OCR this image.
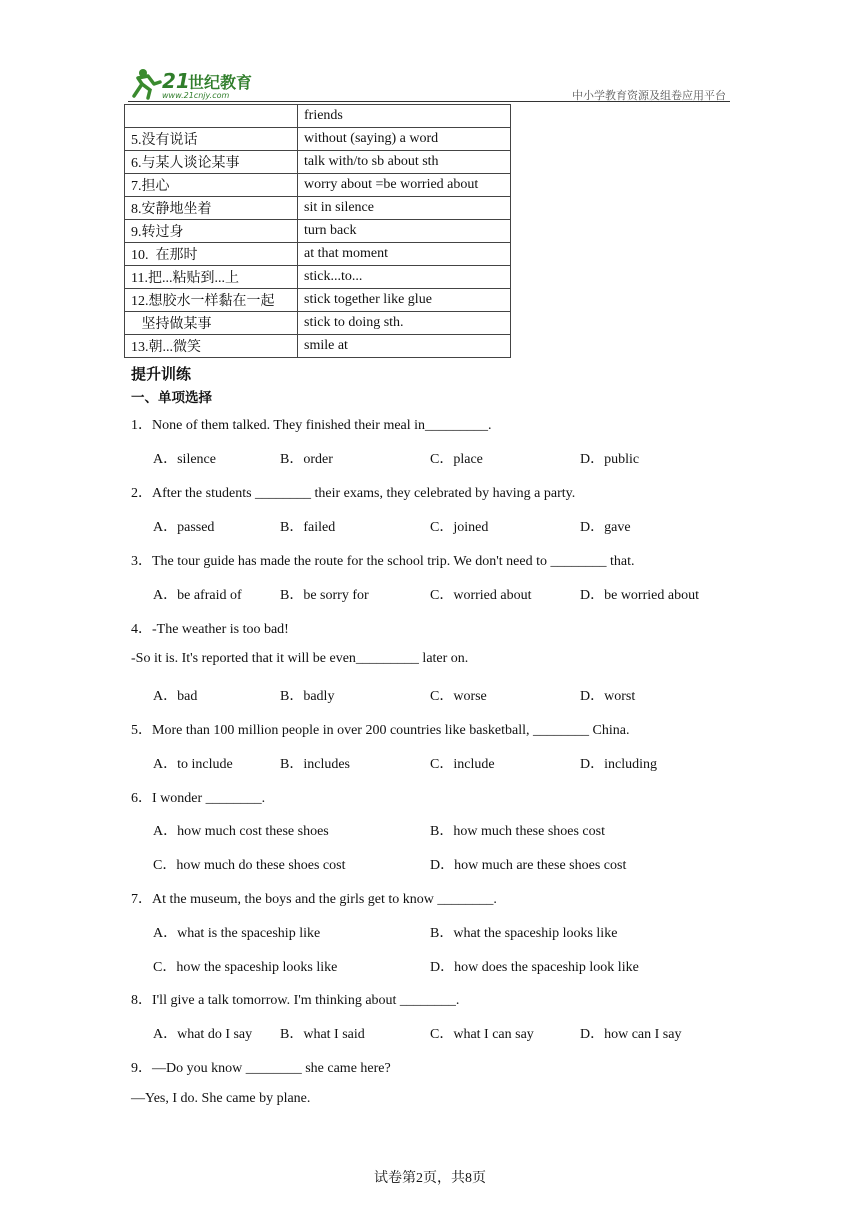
21
世纪教育
www.21cnjy.com	中小学教育资源及组卷应用平台
	friends
5.没有说话	without (saying) a word
6.与某人谈论某事	talk with/to sb about sth
7.担心	worry about =be worried about
8.安静地坐着	sit in silence
9.转过身	turn back
10.  在那时	at that moment
11.把...粘贴到...上	stick...to...
12.想胶水一样黏在一起	stick together like glue
坚持做某事	stick to doing sth.
13.朝...微笑	smile at
提升训练
一、单项选择
1．None of them talked. They finished their meal in_________.
A．silence	B．order	C．place	D．public
2．After the students ________ their exams, they celebrated by having a party.
A．passed	B．failed	C．joined	D．gave
3．The tour guide has made the route for the school trip. We don't need to ________ that.
A．be afraid of	B．be sorry for	C．worried about	D．be worried about
4．-The weather is too bad!
-So it is. It's reported that it will be even_________ later on.
A．bad	B．badly	C．worse	D．worst
5．More than 100 million people in over 200 countries like basketball, ________ China.
A．to include	B．includes	C．include	D．including
6．I wonder ________.
A．how much cost these shoes	B．how much these shoes cost
C．how much do these shoes cost	D．how much are these shoes cost
7．At the museum, the boys and the girls get to know ________.
A．what is the spaceship like	B．what the spaceship looks like
C．how the spaceship looks like	D．how does the spaceship look like
8．I'll give a talk tomorrow. I'm thinking about ________.
A．what do I say B．what I said	C．what I can say	D．how can I say
9．—Do you know ________ she came here?
—Yes, I do. She came by plane.
试卷第2页，共8页
